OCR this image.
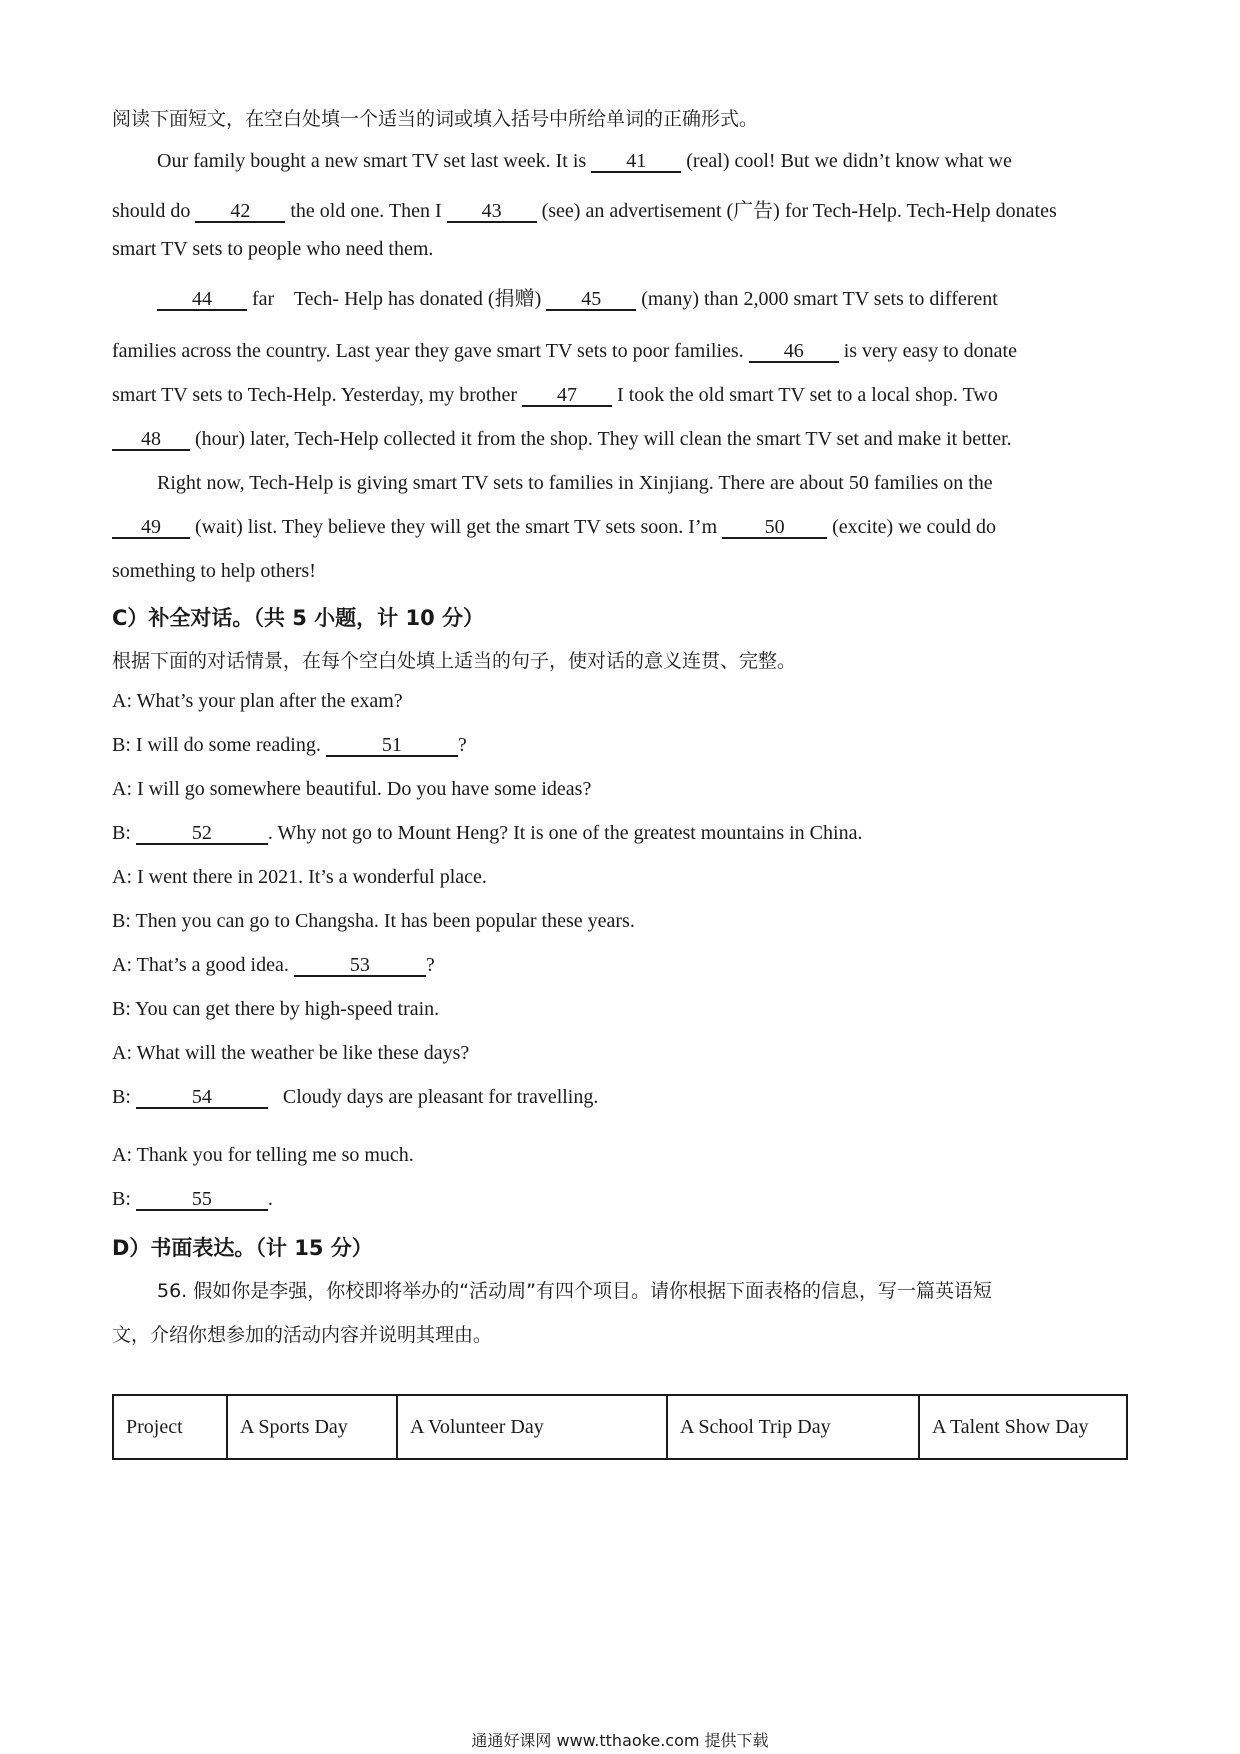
阅读下面短文，在空白处填一个适当的词或填入括号中所给单词的正确形式。
Our family bought a new smart TV set last week. It is 41 (real) cool! But we didn’t know what we
should do 42 the old one. Then I 43 (see) an advertisement (广告) for Tech-Help. Tech-Help donates
smart TV sets to people who need them.
44 far    Tech- Help has donated (捐赠) 45 (many) than 2,000 smart TV sets to different
families across the country. Last year they gave smart TV sets to poor families. 46 is very easy to donate
smart TV sets to Tech-Help. Yesterday, my brother 47 I took the old smart TV set to a local shop. Two
48 (hour) later, Tech-Help collected it from the shop. They will clean the smart TV set and make it better.
Right now, Tech-Help is giving smart TV sets to families in Xinjiang. There are about 50 families on the
49 (wait) list. They believe they will get the smart TV sets soon. I’m 50 (excite) we could do
something to help others!
C）补全对话。（共 5 小题，计 10 分）
根据下面的对话情景，在每个空白处填上适当的句子，使对话的意义连贯、完整。
A: What’s your plan after the exam?
B: I will do some reading.	51	?
A: I will go somewhere beautiful. Do you have some ideas?
B:	52	. Why not go to Mount Heng? It is one of the greatest mountains in China.
A: I went there in 2021. It’s a wonderful place.
B: Then you can go to Changsha. It has been popular these years.
A: That’s a good idea.	53	?
B: You can get there by high-speed train.
A: What will the weather be like these days?
B:	54	Cloudy days are pleasant for travelling.
A: Thank you for telling me so much.
B:	55	.
D）书面表达。（计 15 分）
56. 假如你是李强，你校即将举办的“活动周”有四个项目。请你根据下面表格的信息，写一篇英语短
文，介绍你想参加的活动内容并说明其理由。
Project	A Sports Day	A Volunteer Day	A School Trip Day	A Talent Show Day
通通好课网 www.tthaoke.com 提供下载
